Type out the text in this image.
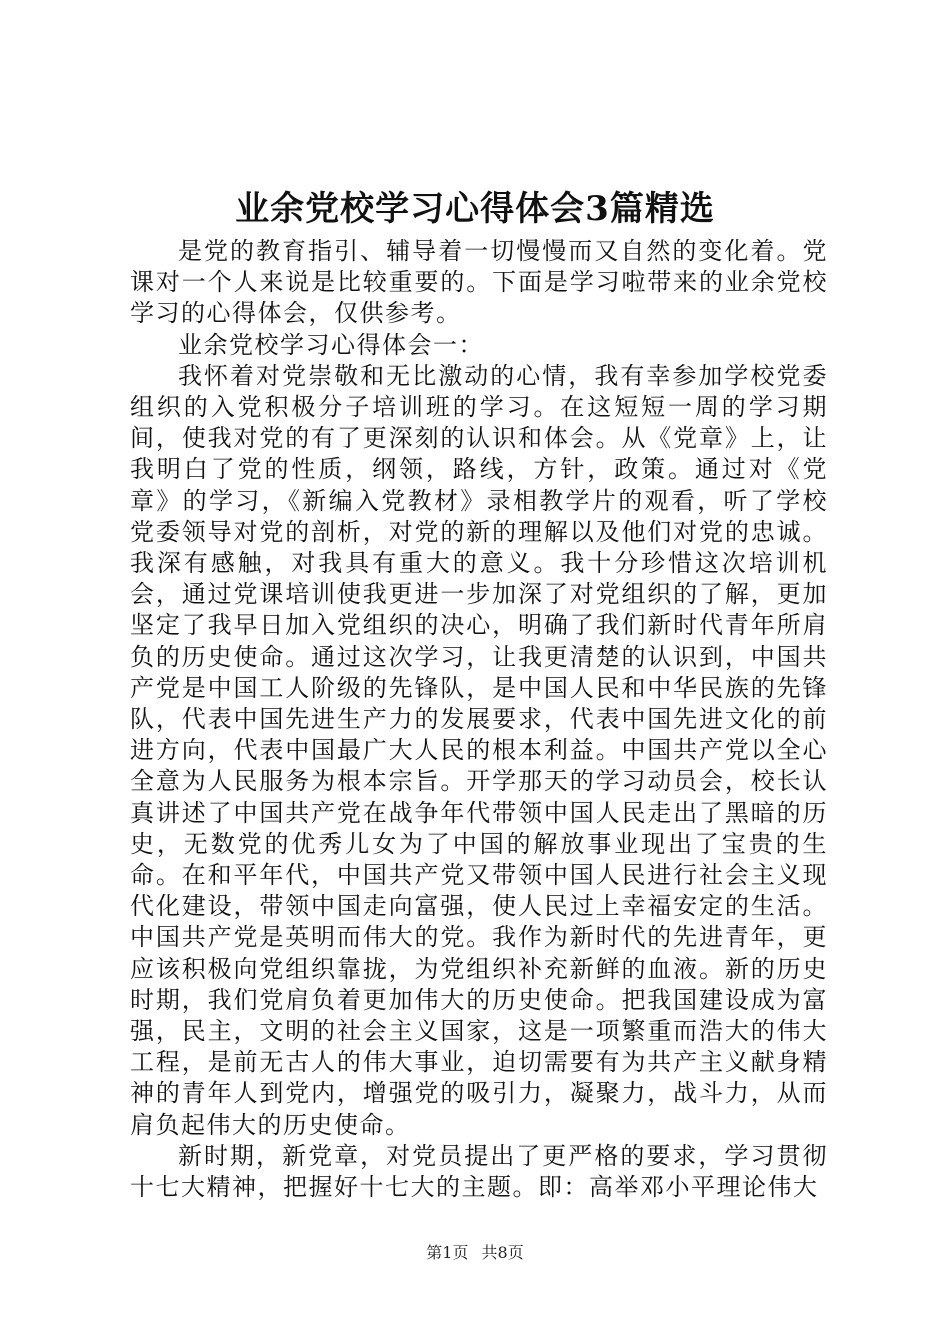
业余党校学习心得体会3篇精选

是党的教育指引、辅导着一切慢慢而又自然的变化着。党课对一个人来说是比较重要的。下面是学习啦带来的业余党校学习的心得体会，仅供参考。

业余党校学习心得体会一：

我怀着对党崇敬和无比激动的心情，我有幸参加学校党委组织的入党积极分子培训班的学习。在这短短一周的学习期间，使我对党的有了更深刻的认识和体会。从《党章》上，让我明白了党的性质，纲领，路线，方针，政策。通过对《党章》的学习，《新编入党教材》录相教学片的观看，听了学校党委领导对党的剖析，对党的新的理解以及他们对党的忠诚。我深有感触，对我具有重大的意义。我十分珍惜这次培训机会，通过党课培训使我更进一步加深了对党组织的了解，更加坚定了我早日加入党组织的决心，明确了我们新时代青年所肩负的历史使命。通过这次学习，让我更清楚的认识到，中国共产党是中国工人阶级的先锋队，是中国人民和中华民族的先锋队，代表中国先进生产力的发展要求，代表中国先进文化的前进方向，代表中国最广大人民的根本利益。中国共产党以全心全意为人民服务为根本宗旨。开学那天的学习动员会，校长认真讲述了中国共产党在战争年代带领中国人民走出了黑暗的历史，无数党的优秀儿女为了中国的解放事业现出了宝贵的生命。在和平年代，中国共产党又带领中国人民进行社会主义现代化建设，带领中国走向富强，使人民过上幸福安定的生活。中国共产党是英明而伟大的党。我作为新时代的先进青年，更应该积极向党组织靠拢，为党组织补充新鲜的血液。新的历史时期，我们党肩负着更加伟大的历史使命。把我国建设成为富强，民主，文明的社会主义国家，这是一项繁重而浩大的伟大工程，是前无古人的伟大事业，迫切需要有为共产主义献身精神的青年人到党内，增强党的吸引力，凝聚力，战斗力，从而肩负起伟大的历史使命。

新时期，新党章，对党员提出了更严格的要求，学习贯彻十七大精神，把握好十七大的主题。即：高举邓小平理论伟大

第1页 共8页
